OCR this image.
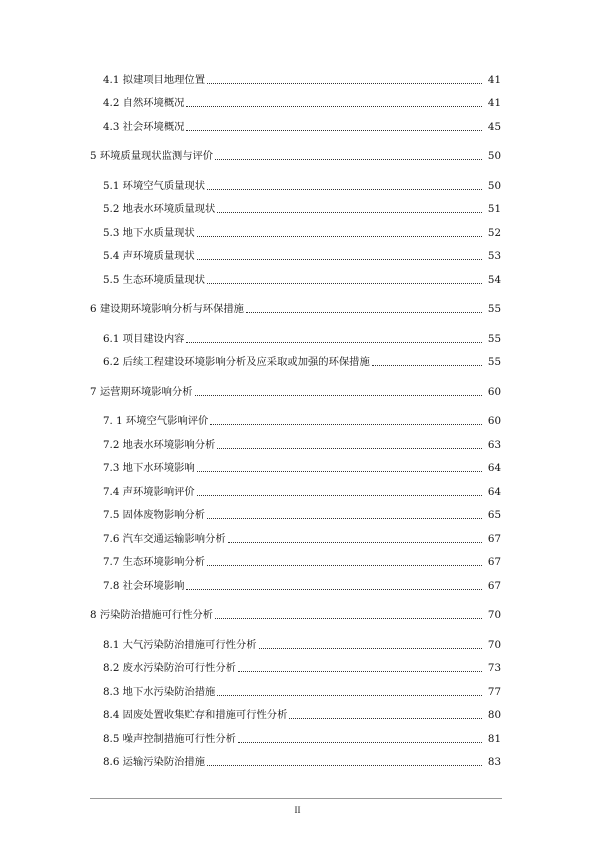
4.1 拟建项目地理位置	41
4.2 自然环境概况	41
4.3 社会环境概况	45
5 环境质量现状监测与评价	50
5.1 环境空气质量现状	50
5.2 地表水环境质量现状	51
5.3 地下水质量现状	52
5.4 声环境质量现状	53
5.5 生态环境质量现状	54
6 建设期环境影响分析与环保措施	55
6.1 项目建设内容	55
6.2 后续工程建设环境影响分析及应采取或加强的环保措施	55
7 运营期环境影响分析	60
7. 1 环境空气影响评价	60
7.2 地表水环境影响分析	63
7.3 地下水环境影响	64
7.4 声环境影响评价	64
7.5 固体废物影响分析	65
7.6 汽车交通运输影响分析	67
7.7 生态环境影响分析	67
7.8 社会环境影响	67
8 污染防治措施可行性分析	70
8.1 大气污染防治措施可行性分析	70
8.2 废水污染防治可行性分析	73
8.3 地下水污染防治措施	77
8.4 固废处置收集贮存和措施可行性分析	80
8.5 噪声控制措施可行性分析	81
8.6 运输污染防治措施	83
II
